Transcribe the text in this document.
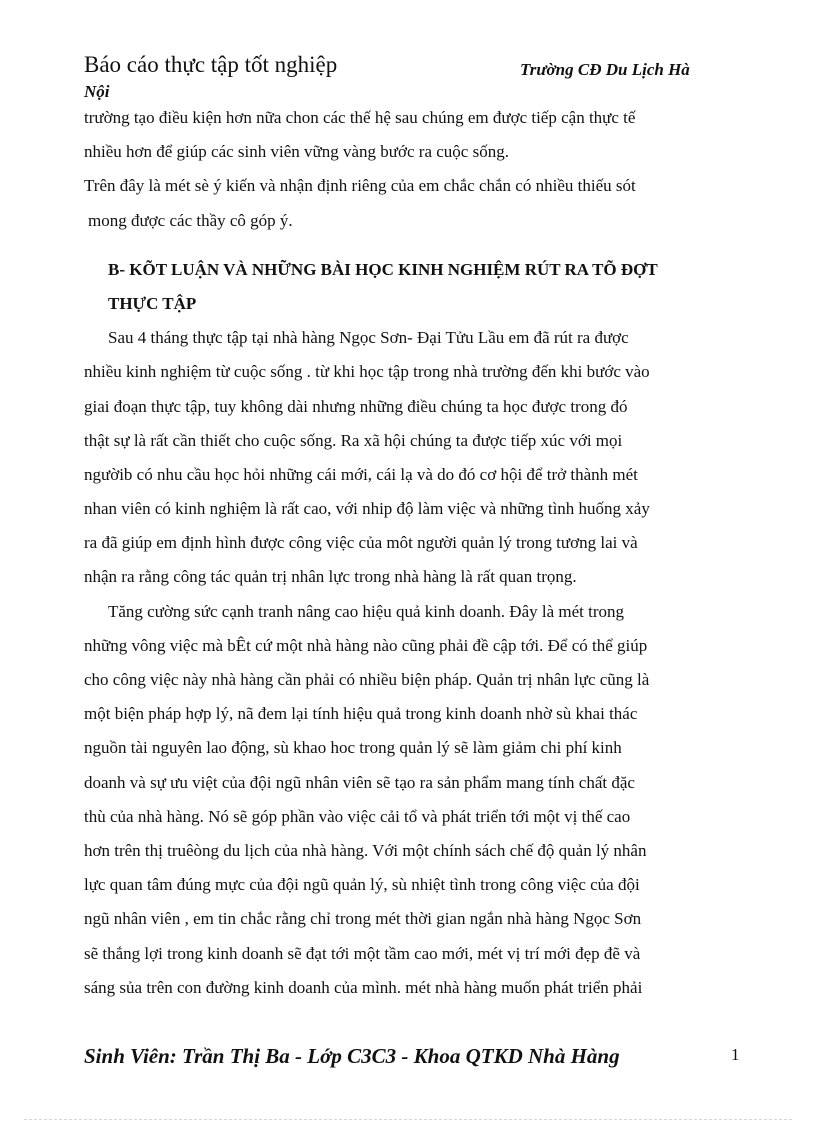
Báo cáo thực tập tốt nghiệp	Trường CĐ Du Lịch Hà
Nội
trường tạo điều kiện hơn nữa chon các thế hệ sau chúng em được tiếp cận thực tế
nhiều hơn để giúp các sinh viên vững vàng bước ra cuộc sống.
Trên đây là mét sè ý kiến và nhận định riêng của em chắc chắn có nhiều thiếu sót
mong được các thầy cô góp ý.
B- KÕT LUẬN VÀ NHỮNG BÀI HỌC KINH NGHIỆM RÚT RA TÕ ĐỢT
THỰC TẬP
Sau 4 tháng thực tập tại nhà hàng Ngọc Sơn- Đại Tửu Lầu em đã rút ra được
nhiều kinh nghiệm từ cuộc sống . từ khi học tập trong nhà trường đến khi bước vào
giai đoạn thực tập, tuy không dài nhưng những điều chúng ta học được trong đó
thật sự là rất cần thiết cho cuộc sống. Ra xã hội chúng ta được tiếp xúc với mọi
ngườib có nhu cầu học hỏi những cái mới, cái lạ và do đó cơ hội để trở thành mét
nhan viên có kinh nghiệm là rất cao, với nhip độ làm việc và những tình huống xảy
ra đã giúp em định hình được công việc của môt người quản lý trong tương lai và
nhận ra rằng công tác quản trị nhân lực trong nhà hàng là rất quan trọng.
Tăng cường sức cạnh tranh nâng cao hiệu quả kinh doanh. Đây là mét trong
những vông việc mà bÊt cứ một nhà hàng nào cũng phải đề cập tới. Để có thể giúp
cho công việc này nhà hàng cần phải có nhiều biện pháp. Quản trị nhân lực cũng là
một biện pháp hợp lý, nã đem lại tính hiệu quả trong kinh doanh nhờ sù khai thác
nguồn tài nguyên lao động, sù khao hoc trong quản lý sẽ làm giảm chi phí kinh
doanh và sự ưu việt của đội ngũ nhân viên sẽ tạo ra sản phẩm mang tính chất đặc
thù của nhà hàng. Nó sẽ góp phần vào việc cải tổ và phát triển tới một vị thế cao
hơn trên thị truêòng du lịch của nhà hàng. Với một chính sách chế độ quản lý nhân
lực quan tâm đúng mực của đội ngũ quản lý, sù nhiệt tình trong công việc của đội
ngũ nhân viên , em tin chắc rằng chỉ trong mét thời gian ngắn nhà hàng Ngọc Sơn
sẽ thắng lợi trong kinh doanh sẽ đạt tới một tầm cao mới, mét vị trí mới đẹp đẽ và
sáng sủa trên con đường kinh doanh của mình. mét nhà hàng muốn phát triển phải
Sinh Viên: Trần Thị Ba - Lớp C3C3 - Khoa QTKD Nhà Hàng	1
